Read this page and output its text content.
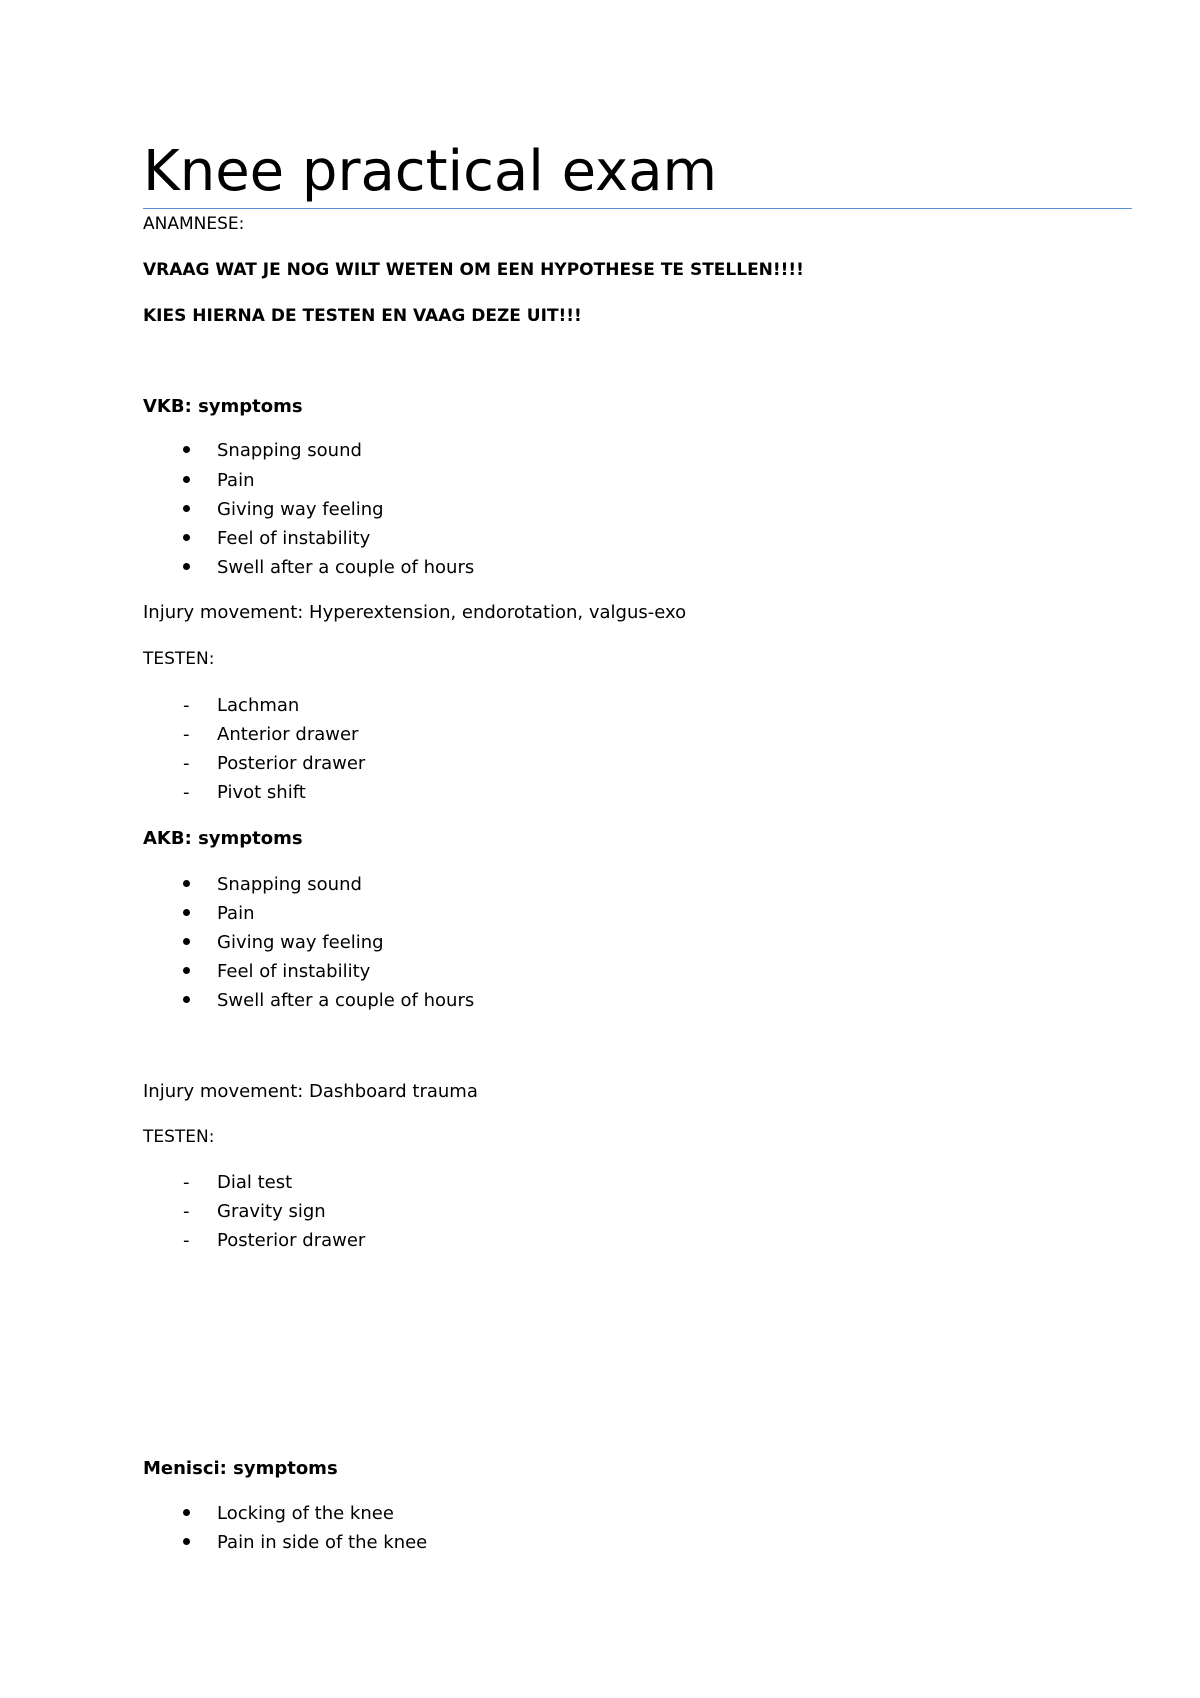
Knee practical exam
ANAMNESE:
VRAAG WAT JE NOG WILT WETEN OM EEN HYPOTHESE TE STELLEN!!!!
KIES HIERNA DE TESTEN EN VAAG DEZE UIT!!!
VKB: symptoms
Snapping sound
Pain
Giving way feeling
Feel of instability
Swell after a couple of hours
Injury movement: Hyperextension, endorotation, valgus-exo
TESTEN:
-	Lachman
-	Anterior drawer
-	Posterior drawer
-	Pivot shift
AKB: symptoms
Snapping sound
Pain
Giving way feeling
Feel of instability
Swell after a couple of hours
Injury movement: Dashboard trauma
TESTEN:
-	Dial test
-	Gravity sign
-	Posterior drawer
Menisci: symptoms
Locking of the knee
Pain in side of the knee
